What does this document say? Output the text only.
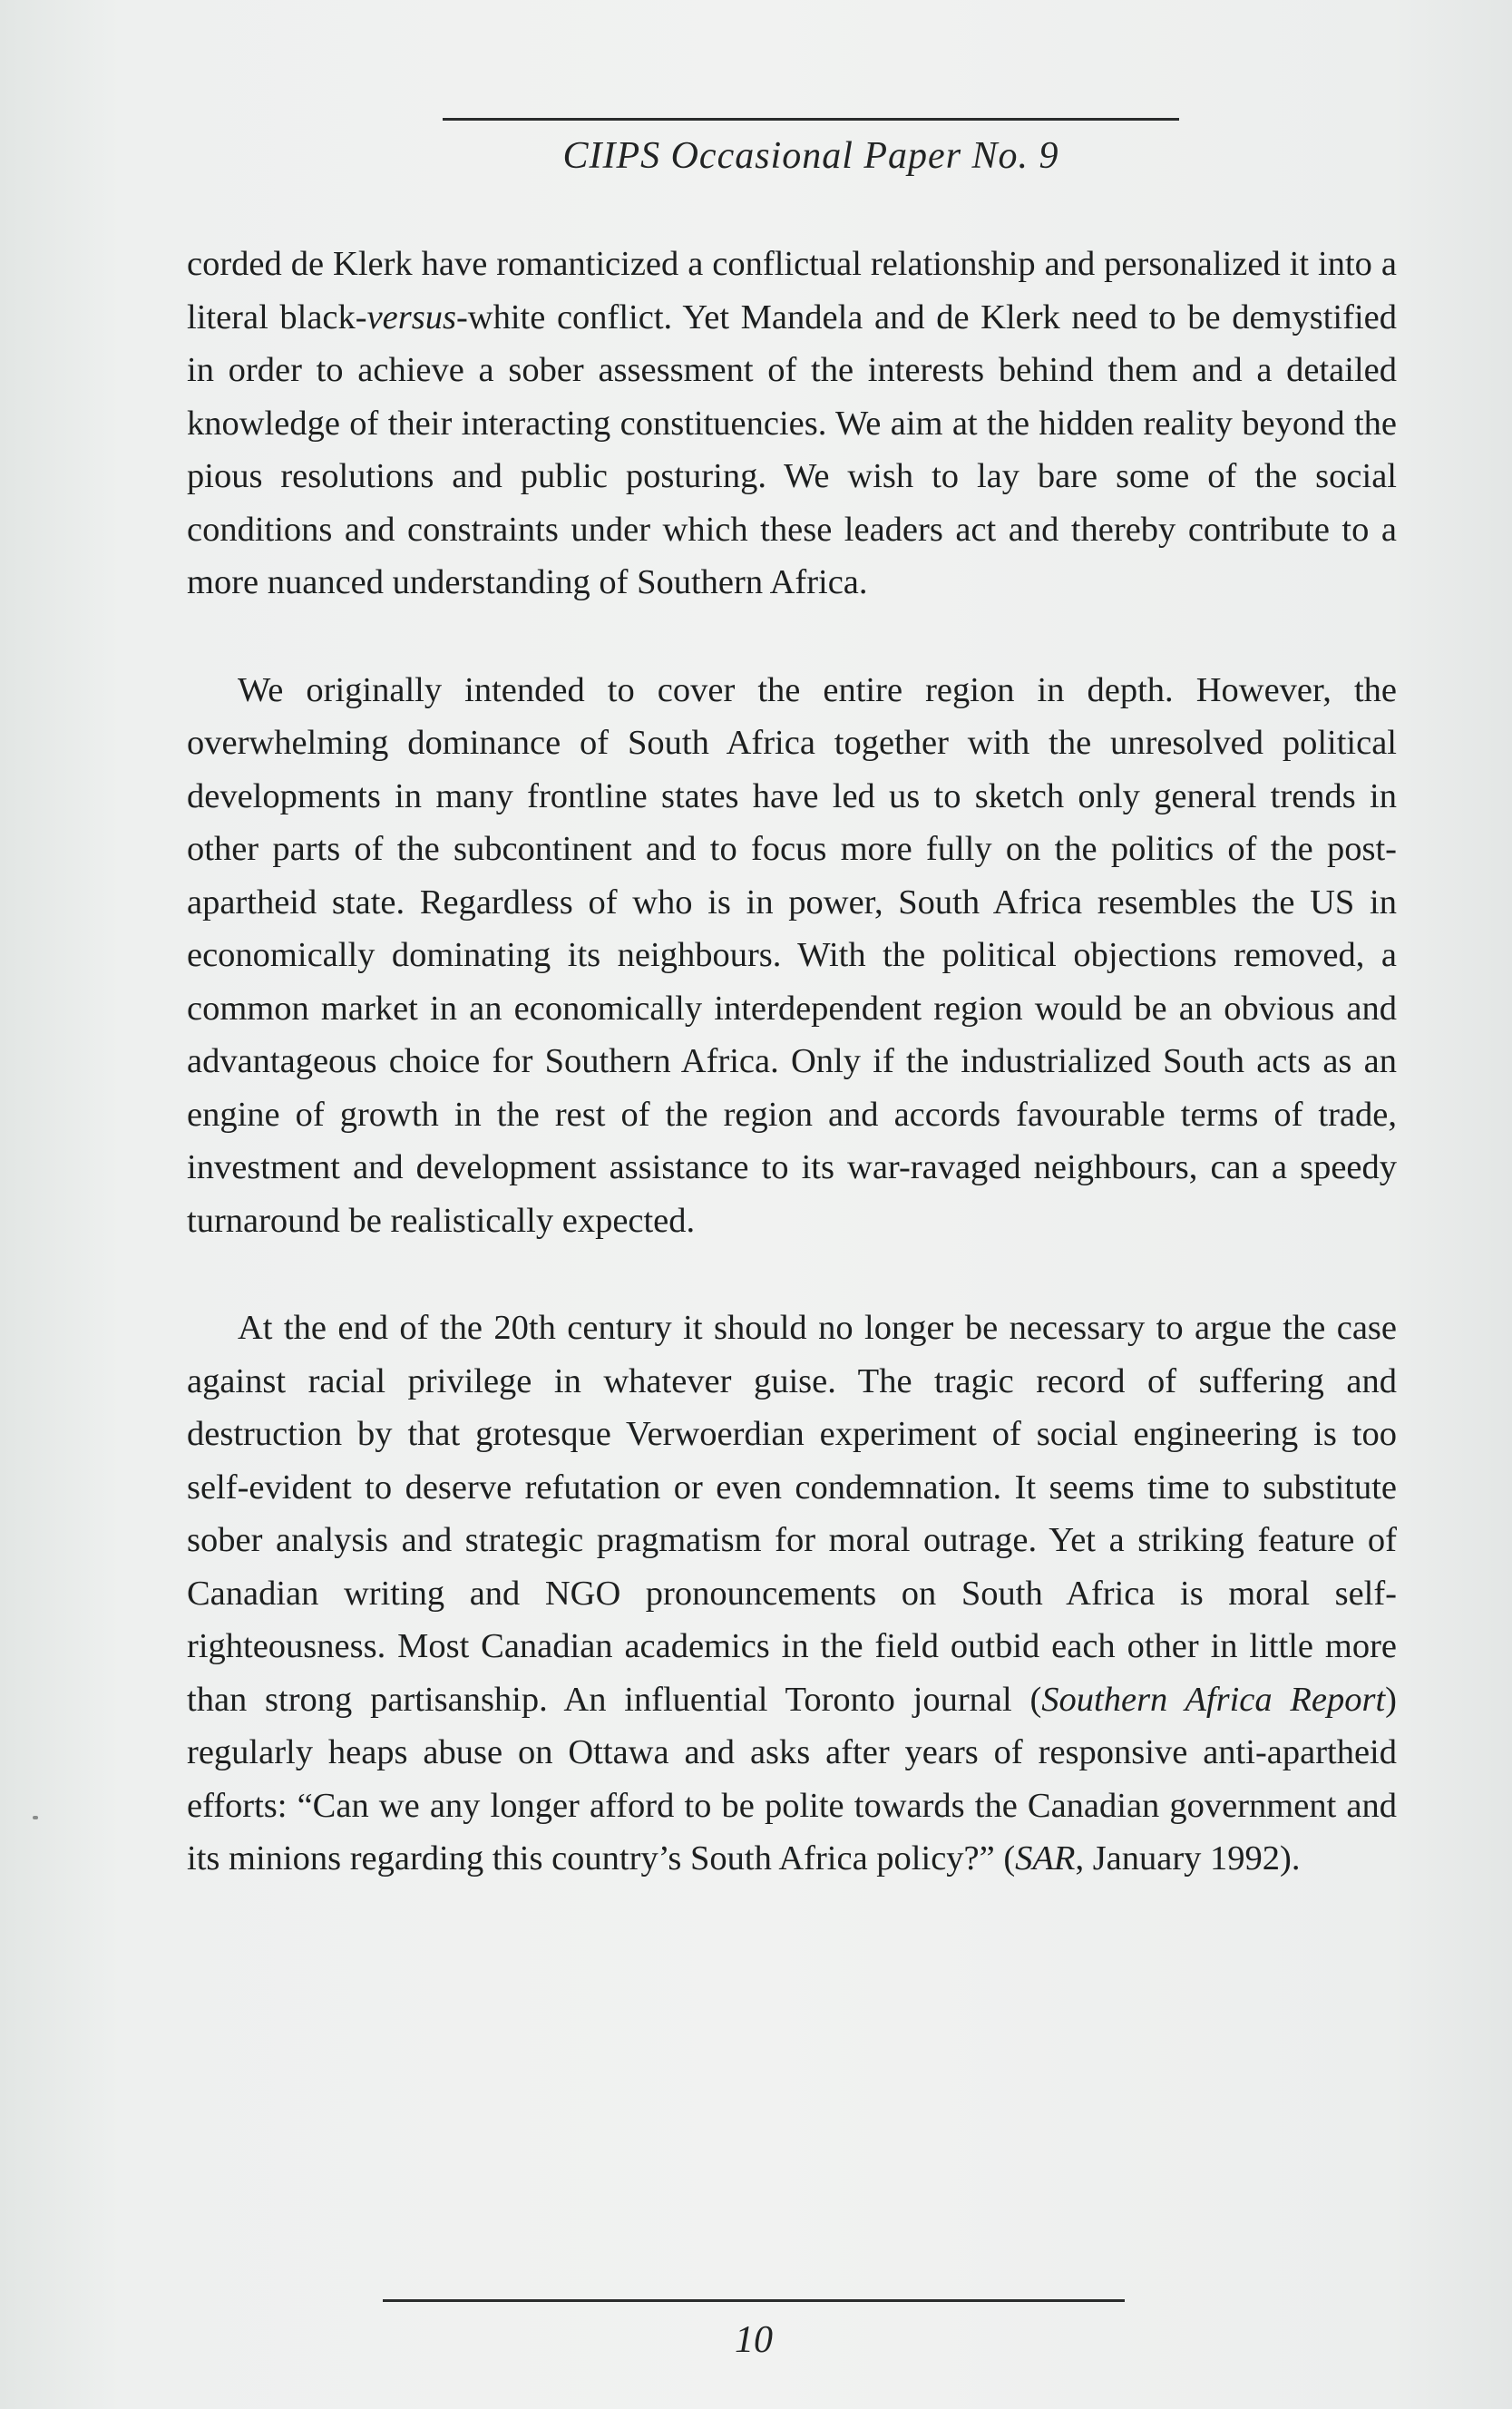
CIIPS Occasional Paper No. 9

corded de Klerk have romanticized a conflictual relationship and personalized it into a literal black-versus-white conflict. Yet Mandela and de Klerk need to be demystified in order to achieve a sober assessment of the interests behind them and a detailed knowledge of their interacting constituencies. We aim at the hidden reality beyond the pious resolutions and public posturing. We wish to lay bare some of the social conditions and constraints under which these leaders act and thereby contribute to a more nuanced understanding of Southern Africa.

We originally intended to cover the entire region in depth. However, the overwhelming dominance of South Africa together with the unresolved political developments in many frontline states have led us to sketch only general trends in other parts of the subcontinent and to focus more fully on the politics of the post-apartheid state. Regardless of who is in power, South Africa resembles the US in economically dominating its neighbours. With the political objections removed, a common market in an economically interdependent region would be an obvious and advantageous choice for Southern Africa. Only if the industrialized South acts as an engine of growth in the rest of the region and accords favourable terms of trade, investment and development assistance to its war-ravaged neighbours, can a speedy turnaround be realistically expected.

At the end of the 20th century it should no longer be necessary to argue the case against racial privilege in whatever guise. The tragic record of suffering and destruction by that grotesque Verwoerdian experiment of social engineering is too self-evident to deserve refutation or even condemnation. It seems time to substitute sober analysis and strategic pragmatism for moral outrage. Yet a striking feature of Canadian writing and NGO pronouncements on South Africa is moral self-righteousness. Most Canadian academics in the field outbid each other in little more than strong partisanship. An influential Toronto journal (Southern Africa Report) regularly heaps abuse on Ottawa and asks after years of responsive anti-apartheid efforts: “Can we any longer afford to be polite towards the Canadian government and its minions regarding this country’s South Africa policy?” (SAR, January 1992).

10
